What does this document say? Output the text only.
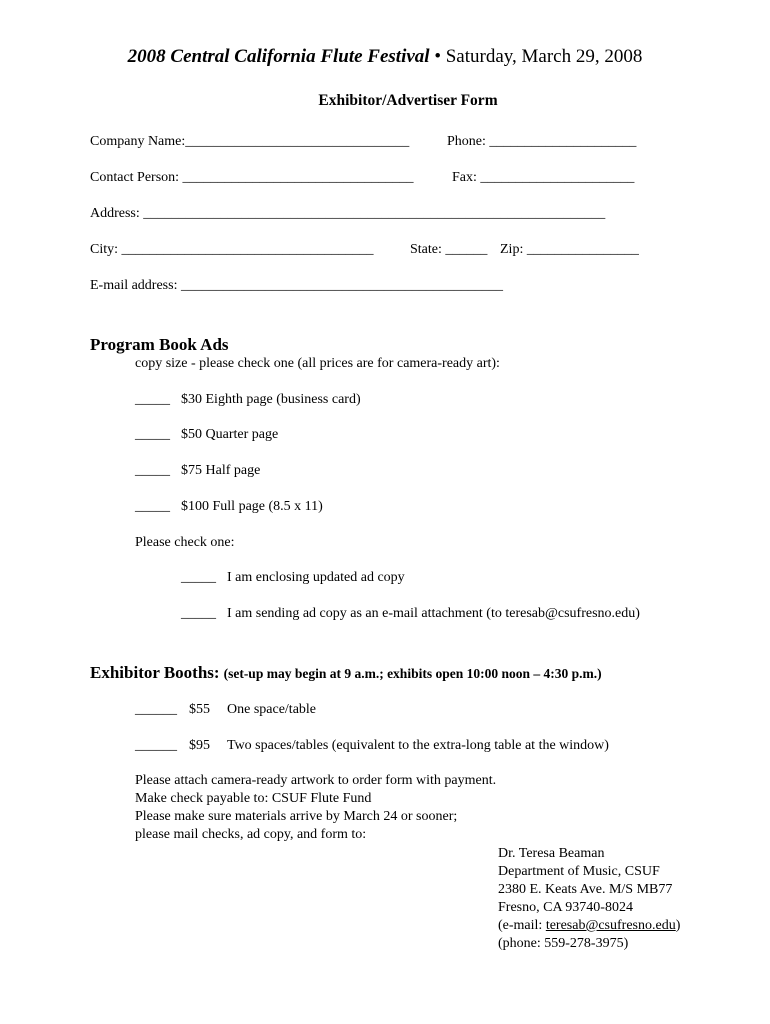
2008 Central California Flute Festival • Saturday, March 29, 2008
Exhibitor/Advertiser Form
Company Name:________________________________	Phone: _____________________
Contact Person: _________________________________	Fax: ______________________
Address: __________________________________________________________________
City: ____________________________________	State: ______ Zip: ________________
E-mail address: ______________________________________________
Program Book Ads
copy size - please check one (all prices are for camera-ready art):
_____ $30 Eighth page (business card)
_____ $50 Quarter page
_____ $75 Half page
_____ $100 Full page (8.5 x 11)
Please check one:
_____ I am enclosing updated ad copy
_____ I am sending ad copy as an e-mail attachment (to teresab@csufresno.edu)
Exhibitor Booths: (set-up may begin at 9 a.m.; exhibits open 10:00 noon – 4:30 p.m.)
______ $55 One space/table
______ $95 Two spaces/tables (equivalent to the extra-long table at the window)
Please attach camera-ready artwork to order form with payment.
Make check payable to: CSUF Flute Fund
Please make sure materials arrive by March 24 or sooner;
please mail checks, ad copy, and form to:
Dr. Teresa Beaman
Department of Music, CSUF
2380 E. Keats Ave. M/S MB77
Fresno, CA 93740-8024
(e-mail: teresab@csufresno.edu)
(phone: 559-278-3975)
